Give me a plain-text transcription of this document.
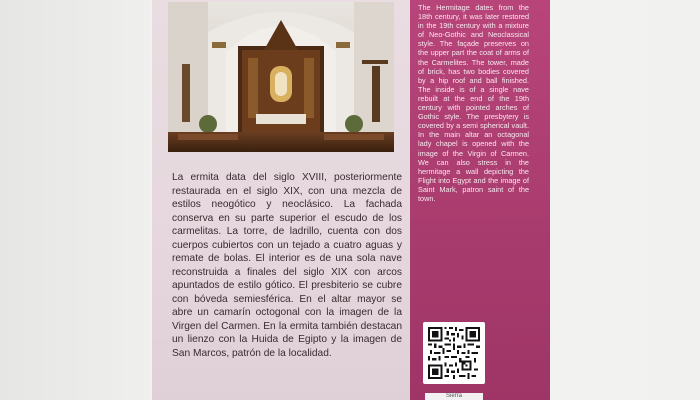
La ermita data del siglo XVIII, posteriormente restaurada en el siglo XIX, con una mezcla de estilos neogótico y neoclásico. La fachada conserva en su parte superior el escudo de los carmelitas. La torre, de ladrillo, cuenta con dos cuerpos cubiertos con un tejado a cuatro aguas y remate de bolas. El interior es de una sola nave reconstruida a finales del siglo XIX con arcos apuntados de estilo gótico. El presbiterio se cubre con bóveda semiesférica. En el altar mayor se abre un camarín octogonal con la imagen de la Virgen del Carmen. En la ermita también destacan un lienzo con la Huida de Egipto y la imagen de San Marcos, patrón de la localidad.
The Hermitage dates from the 18th century, it was later restored in the 19th century with a mixture of Neo-Gothic and Neoclassical style. The façade preserves on the upper part the coat of arms of the Carmelites. The tower, made of brick, has two bodies covered by a hip roof and ball finished. The inside is of a single nave rebuilt at the end of the 19th century with pointed arches of Gothic style. The presbytery is covered by a semi spherical vault. In the main altar an octagonal lady chapel is opened with the image of the Virgin of Carmen. We can also stress in the hermitage a wall depicting the Flight into Egypt and the image of Saint Mark, patron saint of the town.
Sierra
